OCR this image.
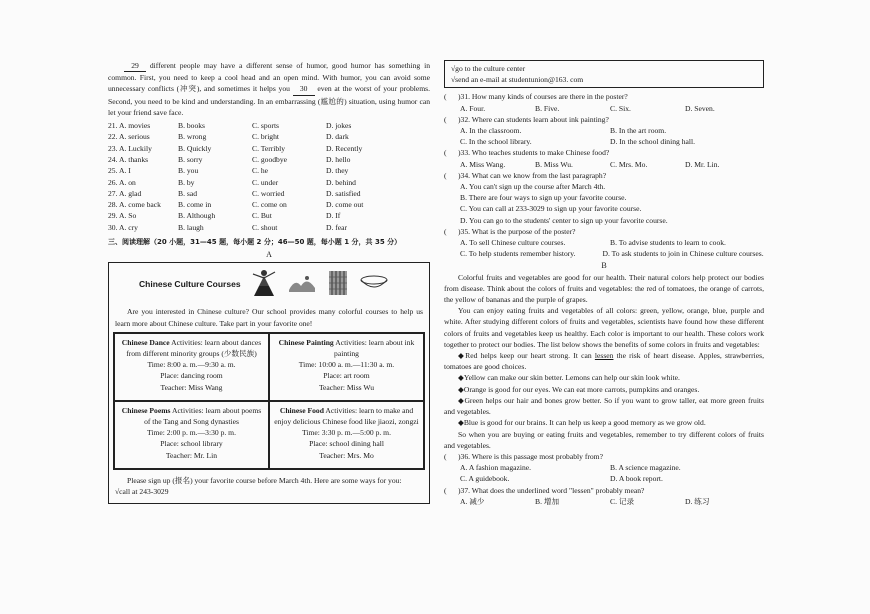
29 different people may have a different sense of humor, good humor has something in common. First, you need to keep a cool head and an open mind. With humor, you can avoid some unnecessary conflicts (冲突), and sometimes it helps you 30 even at the worst of your problems. Second, you need to be kind and understanding. In an embarrassing (尴尬的) situation, using humor can let your friend save face.

21. A. movies	B. books	C. sports	D. jokes
22. A. serious	B. wrong	C. bright	D. dark
23. A. Luckily	B. Quickly	C. Terribly	D. Recently
24. A. thanks	B. sorry	C. goodbye	D. hello
25. A. I	B. you	C. he	D. they
26. A. on	B. by	C. under	D. behind
27. A. glad	B. sad	C. worried	D. satisfied
28. A. come back	B. come in	C. come on	D. come out
29. A. So	B. Although	C. But	D. If
30. A. cry	B. laugh	C. shout	D. fear
三、阅读理解（20 小题，31—45 题，每小题 2 分；46—50 题，每小题 1 分，共 35 分）
A
Chinese Culture Courses
Are you interested in Chinese culture? Our school provides many colorful courses to help us learn more about Chinese culture. Take part in your favorite one!
Chinese Dance Activities: learn about dances from different minority groups (少数民族)
Time: 8:00 a. m.—9:30 a. m.
Place: dancing room
Teacher: Miss Wang
Chinese Painting Activities: learn about ink painting
Time: 10:00 a. m.—11:30 a. m.
Place: art room
Teacher: Miss Wu
Chinese Poems Activities: learn about poems of the Tang and Song dynasties
Time: 2:00 p. m.—3:30 p. m.
Place: school library
Teacher: Mr. Lin
Chinese Food Activities: learn to make and enjoy delicious Chinese food like jiaozi, zongzi
Time: 3:30 p. m.—5:00 p. m.
Place: school dining hall
Teacher: Mrs. Mo
Please sign up (报名) your favorite course before March 4th. Here are some ways for you:
√call at 243-3029
√go to the culture center
√send an e-mail at studentunion@163. com
(	)31. How many kinds of courses are there in the poster?
A. Four.	B. Five.	C. Six.	D. Seven.
(	)32. Where can students learn about ink painting?
A. In the classroom.	B. In the art room.
C. In the school library.	D. In the school dining hall.
(	)33. Who teaches students to make Chinese food?
A. Miss Wang.	B. Miss Wu.	C. Mrs. Mo.	D. Mr. Lin.
(	)34. What can we know from the last paragraph?
A. You can't sign up the course after March 4th.
B. There are four ways to sign up your favorite course.
C. You can call at 233-3029 to sign up your favorite course.
D. You can go to the students' center to sign up your favorite course.
(	)35. What is the purpose of the poster?
A. To sell Chinese culture courses.	B. To advise students to learn to cook.
C. To help students remember history.	D. To ask students to join in Chinese culture courses.
B

Colorful fruits and vegetables are good for our health. Their natural colors help protect our bodies from disease. Think about the colors of fruits and vegetables: the red of tomatoes, the orange of carrots, the yellow of bananas and the purple of grapes.

You can enjoy eating fruits and vegetables of all colors: green, yellow, orange, blue, purple and white. After studying different colors of fruits and vegetables, scientists have found how these different colors of fruits and vegetables keep us healthy. Each color is important to our health. These colors work together to protect our bodies. The list below shows the benefits of some colors in fruits and vegetables:

◆Red helps keep our heart strong. It can lessen the risk of heart disease. Apples, strawberries, tomatoes are good choices.

◆Yellow can make our skin better. Lemons can help our skin look white.

◆Orange is good for our eyes. We can eat more carrots, pumpkins and oranges.

◆Green helps our hair and bones grow better. So if you want to grow taller, eat more green fruits and vegetables.

◆Blue is good for our brains. It can help us keep a good memory as we grow old.

So when you are buying or eating fruits and vegetables, remember to try different colors of fruits and vegetables.

(	)36. Where is this passage most probably from?
A. A fashion magazine.	B. A science magazine.
C. A guidebook.	D. A book report.
(	)37. What does the underlined word "lessen" probably mean?
A. 减少	B. 增加	C. 记录	D. 练习
